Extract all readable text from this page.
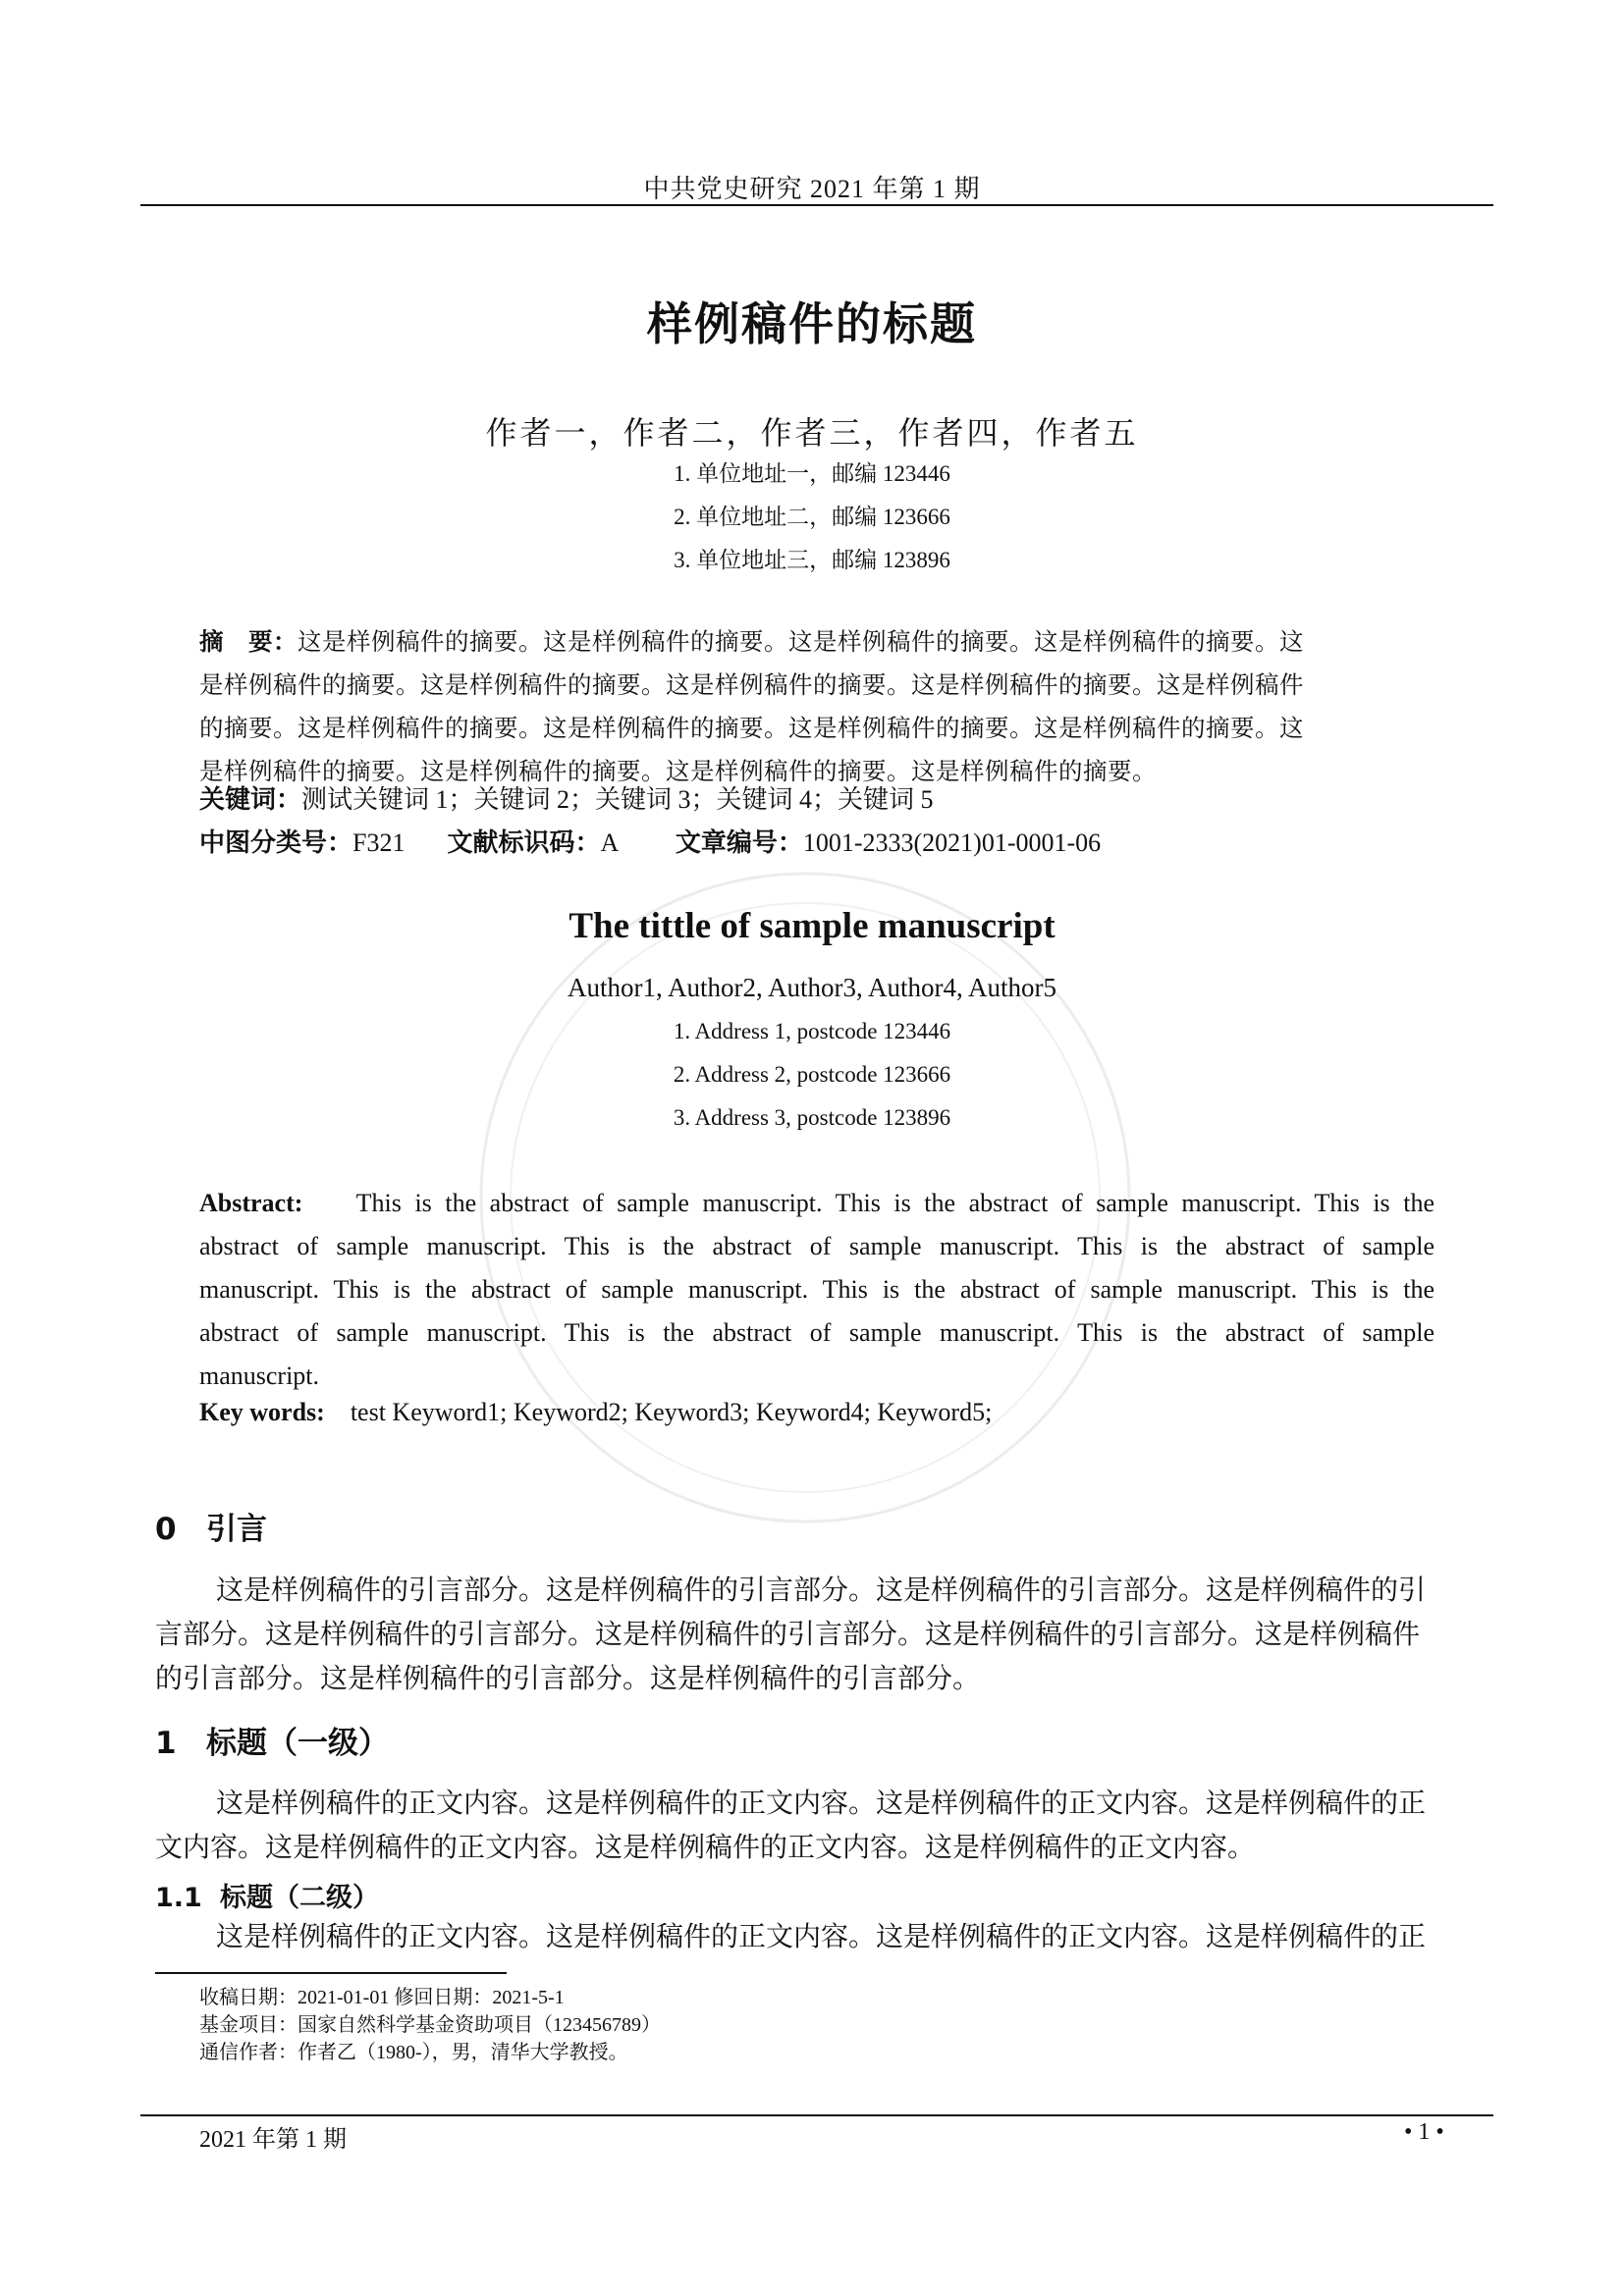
中共党史研究 2021 年第 1 期
样例稿件的标题
作者一，作者二，作者三，作者四，作者五
1. 单位地址一，邮编 123446
2. 单位地址二，邮编 123666
3. 单位地址三，邮编 123896
摘　要：这是样例稿件的摘要。这是样例稿件的摘要。这是样例稿件的摘要。这是样例稿件的摘要。这
是样例稿件的摘要。这是样例稿件的摘要。这是样例稿件的摘要。这是样例稿件的摘要。这是样例稿件
的摘要。这是样例稿件的摘要。这是样例稿件的摘要。这是样例稿件的摘要。这是样例稿件的摘要。这
是样例稿件的摘要。这是样例稿件的摘要。这是样例稿件的摘要。这是样例稿件的摘要。
关键词：测试关键词 1；关键词 2；关键词 3；关键词 4；关键词 5
中图分类号：F321 文献标识码：A 文章编号：1001-2333(2021)01-0001-06
The tittle of sample manuscript
Author1, Author2, Author3, Author4, Author5
1. Address 1, postcode 123446
2. Address 2, postcode 123666
3. Address 3, postcode 123896
Abstract: This is the abstract of sample manuscript. This is the abstract of sample manuscript. This is the
abstract of sample manuscript. This is the abstract of sample manuscript. This is the abstract of sample
manuscript. This is the abstract of sample manuscript. This is the abstract of sample manuscript. This is the
abstract of sample manuscript. This is the abstract of sample manuscript. This is the abstract of sample
manuscript.
Key words: test Keyword1; Keyword2; Keyword3; Keyword4; Keyword5;
0 引言
这是样例稿件的引言部分。这是样例稿件的引言部分。这是样例稿件的引言部分。这是样例稿件的引
言部分。这是样例稿件的引言部分。这是样例稿件的引言部分。这是样例稿件的引言部分。这是样例稿件
的引言部分。这是样例稿件的引言部分。这是样例稿件的引言部分。
1 标题（一级）
这是样例稿件的正文内容。这是样例稿件的正文内容。这是样例稿件的正文内容。这是样例稿件的正
文内容。这是样例稿件的正文内容。这是样例稿件的正文内容。这是样例稿件的正文内容。
1.1 标题（二级）
这是样例稿件的正文内容。这是样例稿件的正文内容。这是样例稿件的正文内容。这是样例稿件的正
收稿日期：2021-01-01 修回日期：2021-5-1
基金项目：国家自然科学基金资助项目（123456789）
通信作者：作者乙（1980-），男，清华大学教授。
2021 年第 1 期	• 1 •
